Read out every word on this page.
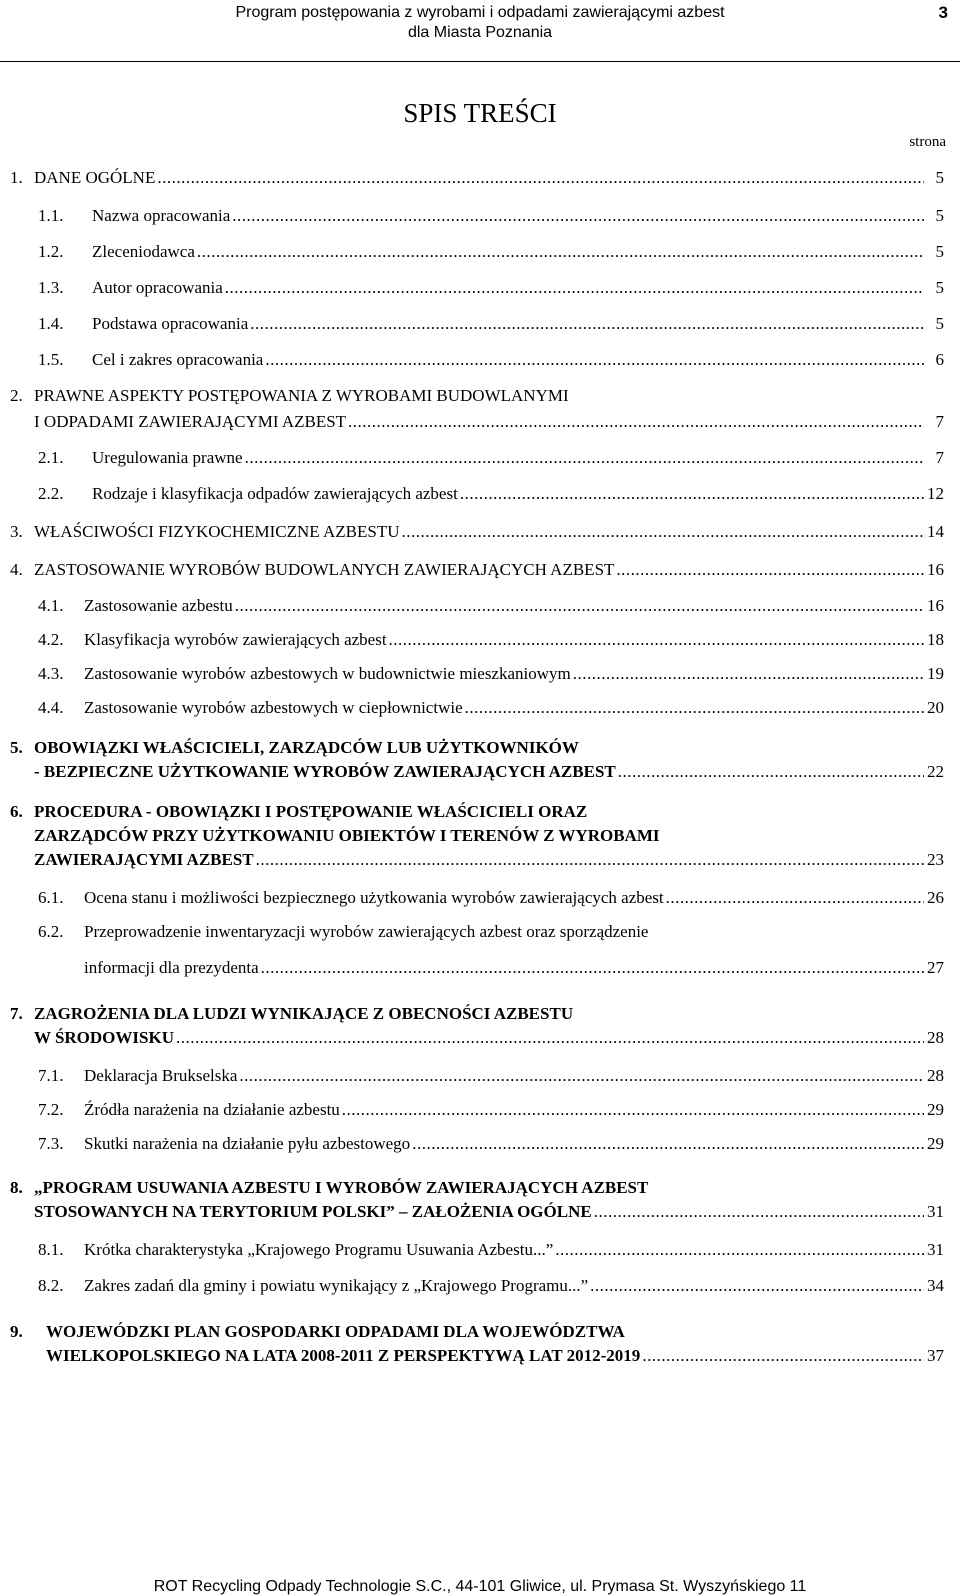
Program postępowania z wyrobami i odpadami zawierającymi azbest
dla Miasta Poznania
3
SPIS TREŚCI
strona
1. DANE OGÓLNE .....	5
1.1.	Nazwa opracowania .....	5
1.2.	Zleceniodawca .....	5
1.3.	Autor opracowania .....	5
1.4.	Podstawa opracowania .....	5
1.5.	Cel i zakres opracowania .....	6
2. PRAWNE ASPEKTY POSTĘPOWANIA Z WYROBAMI BUDOWLANYMI
I ODPADAMI ZAWIERAJĄCYMI AZBEST .....	7
2.1.	Uregulowania prawne .....	7
2.2.	Rodzaje i klasyfikacja odpadów zawierających azbest .....	12
3. WŁAŚCIWOŚCI FIZYKOCHEMICZNE AZBESTU .....	14
4. ZASTOSOWANIE WYROBÓW BUDOWLANYCH ZAWIERAJĄCYCH AZBEST .....	16
4.1.	Zastosowanie azbestu .....	16
4.2.	Klasyfikacja wyrobów zawierających azbest .....	18
4.3.	Zastosowanie wyrobów azbestowych w budownictwie mieszkaniowym .....	19
4.4.	Zastosowanie wyrobów azbestowych w ciepłownictwie .....	20
5. OBOWIĄZKI WŁAŚCICIELI, ZARZĄDCÓW LUB UŻYTKOWNIKÓW
- BEZPIECZNE UŻYTKOWANIE WYROBÓW ZAWIERAJĄCYCH AZBEST .....	22
6. PROCEDURA - OBOWIĄZKI I POSTĘPOWANIE WŁAŚCICIELI ORAZ
ZARZĄDCÓW PRZY UŻYTKOWANIU OBIEKTÓW I TERENÓW Z WYROBAMI
ZAWIERAJĄCYMI AZBEST .....	23
6.1.	Ocena stanu i możliwości bezpiecznego użytkowania wyrobów zawierających azbest .....	26
6.2. Przeprowadzenie inwentaryzacji wyrobów zawierających azbest oraz sporządzenie
informacji dla prezydenta .....	27
7. ZAGROŻENIA DLA LUDZI WYNIKAJĄCE Z OBECNOŚCI AZBESTU
W ŚRODOWISKU .....	28
7.1.	Deklaracja Brukselska .....	28
7.2.	Źródła narażenia na działanie azbestu .....	29
7.3.	Skutki narażenia na działanie pyłu azbestowego .....	29
8. „PROGRAM USUWANIA AZBESTU I WYROBÓW ZAWIERAJĄCYCH AZBEST
STOSOWANYCH NA TERYTORIUM POLSKI” – ZAŁOŻENIA OGÓLNE .....	31
8.1.	Krótka charakterystyka „Krajowego Programu Usuwania Azbestu...” .....	31
8.2.	Zakres zadań dla gminy i powiatu wynikający z „Krajowego Programu...” .....	34
9. WOJEWÓDZKI PLAN GOSPODARKI ODPADAMI DLA WOJEWÓDZTWA
WIELKOPOLSKIEGO NA LATA 2008-2011 Z PERSPEKTYWĄ LAT 2012-2019 .....	37
ROT Recycling Odpady Technologie S.C., 44-101 Gliwice, ul. Prymasa St. Wyszyńskiego 11
